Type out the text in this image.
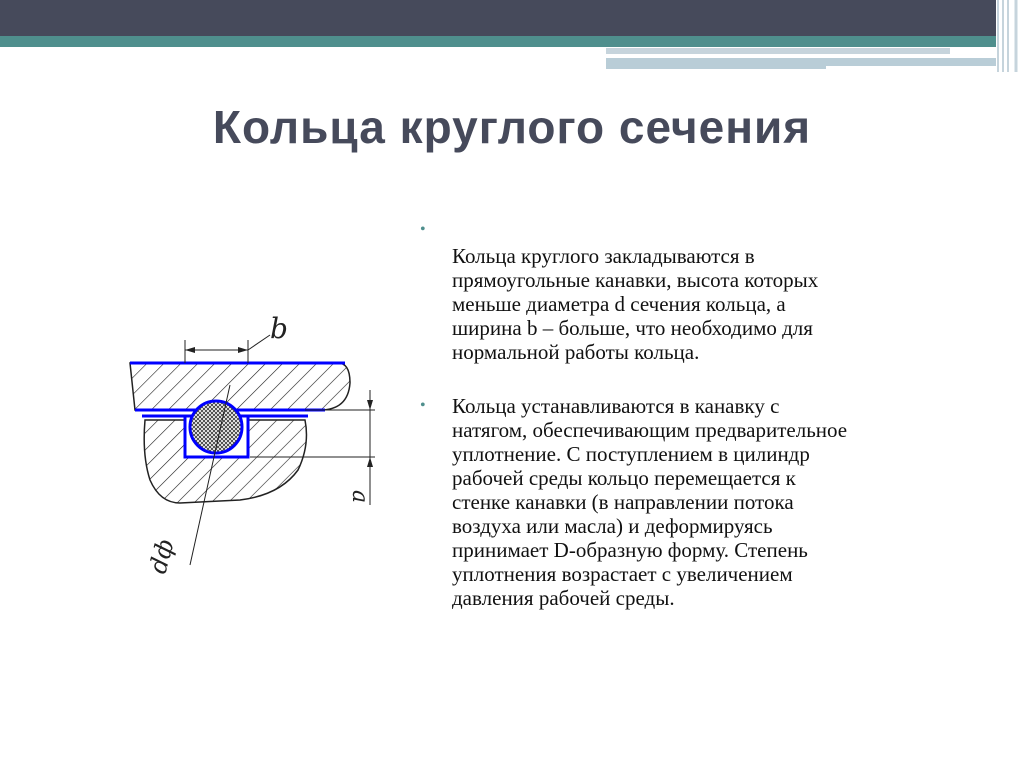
Кольца круглого сечения
b
a
dф
•
Кольца круглого закладываются в
прямоугольные канавки, высота которых
меньше диаметра d сечения кольца, а
ширина b – больше, что необходимо для
нормальной работы кольца.
• Кольца устанавливаются в канавку с
натягом, обеспечивающим предварительное
уплотнение. С поступлением в цилиндр
рабочей среды кольцо перемещается к
стенке канавки (в направлении потока
воздуха или масла) и деформируясь
принимает D-образную форму. Степень
уплотнения возрастает с увеличением
давления рабочей среды.
